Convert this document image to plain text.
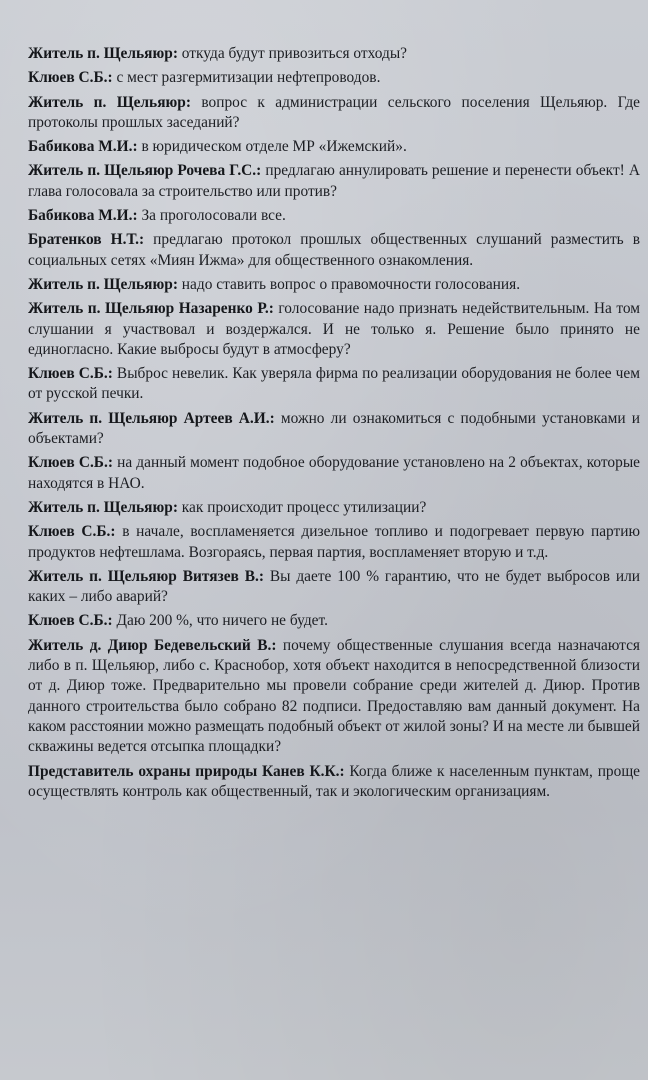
Житель п. Щельяюр: откуда будут привозиться отходы?

Клюев С.Б.: с мест разгермитизации нефтепроводов.

Житель п. Щельяюр: вопрос к администрации сельского поселения Щельяюр. Где протоколы прошлых заседаний?

Бабикова М.И.: в юридическом отделе МР «Ижемский».

Житель п. Щельяюр Рочева Г.С.: предлагаю аннулировать решение и перенести объект! А глава голосовала за строительство или против?

Бабикова М.И.: За проголосовали все.

Братенков Н.Т.: предлагаю протокол прошлых общественных слушаний разместить в социальных сетях «Миян Ижма» для общественного ознакомления.

Житель п. Щельяюр: надо ставить вопрос о правомочности голосования.

Житель п. Щельяюр Назаренко Р.: голосование надо признать недействительным. На том слушании я участвовал и воздержался. И не только я. Решение было принято не единогласно. Какие выбросы будут в атмосферу?

Клюев С.Б.: Выброс невелик. Как уверяла фирма по реализации оборудования не более чем от русской печки.

Житель п. Щельяюр Артеев А.И.: можно ли ознакомиться с подобными установками и объектами?

Клюев С.Б.: на данный момент подобное оборудование установлено на 2 объектах, которые находятся в НАО.

Житель п. Щельяюр: как происходит процесс утилизации?

Клюев С.Б.: в начале, воспламеняется дизельное топливо и подогревает первую партию продуктов нефтешлама. Возгораясь, первая партия, воспламеняет вторую и т.д.

Житель п. Щельяюр Витязев В.: Вы даете 100 % гарантию, что не будет выбросов или каких – либо аварий?

Клюев С.Б.: Даю 200 %, что ничего не будет.

Житель д. Диюр Бедевельский В.: почему общественные слушания всегда назначаются либо в п. Щельяюр, либо с. Краснобор, хотя объект находится в непосредственной близости от д. Диюр тоже. Предварительно мы провели собрание среди жителей д. Диюр. Против данного строительства было собрано 82 подписи. Предоставляю вам данный документ. На каком расстоянии можно размещать подобный объект от жилой зоны? И на месте ли бывшей скважины ведется отсыпка площадки?

Представитель охраны природы Канев К.К.: Когда ближе к населенным пунктам, проще осуществлять контроль как общественный, так и экологическим организациям.
